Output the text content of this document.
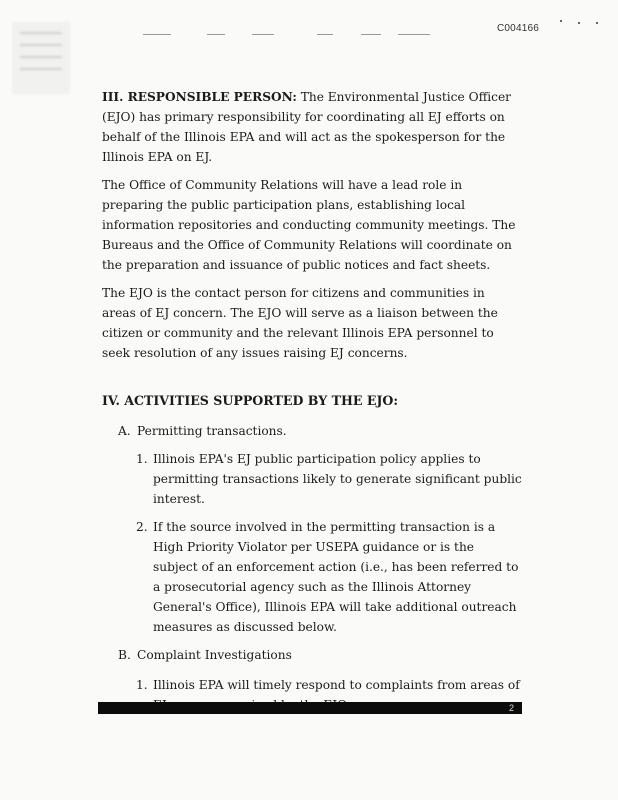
C004166

III. RESPONSIBLE PERSON: The Environmental Justice Officer (EJO) has primary responsibility for coordinating all EJ efforts on behalf of the Illinois EPA and will act as the spokesperson for the Illinois EPA on EJ.

The Office of Community Relations will have a lead role in preparing the public participation plans, establishing local information repositories and conducting community meetings. The Bureaus and the Office of Community Relations will coordinate on the preparation and issuance of public notices and fact sheets.

The EJO is the contact person for citizens and communities in areas of EJ concern. The EJO will serve as a liaison between the citizen or community and the relevant Illinois EPA personnel to seek resolution of any issues raising EJ concerns.

IV. ACTIVITIES SUPPORTED BY THE EJO:
A. Permitting transactions.
1. Illinois EPA's EJ public participation policy applies to permitting transactions likely to generate significant public interest.
2. If the source involved in the permitting transaction is a High Priority Violator per USEPA guidance or is the subject of an enforcement action (i.e., has been referred to a prosecutorial agency such as the Illinois Attorney General's Office), Illinois EPA will take additional outreach measures as discussed below.
B. Complaint Investigations
1. Illinois EPA will timely respond to complaints from areas of
2
